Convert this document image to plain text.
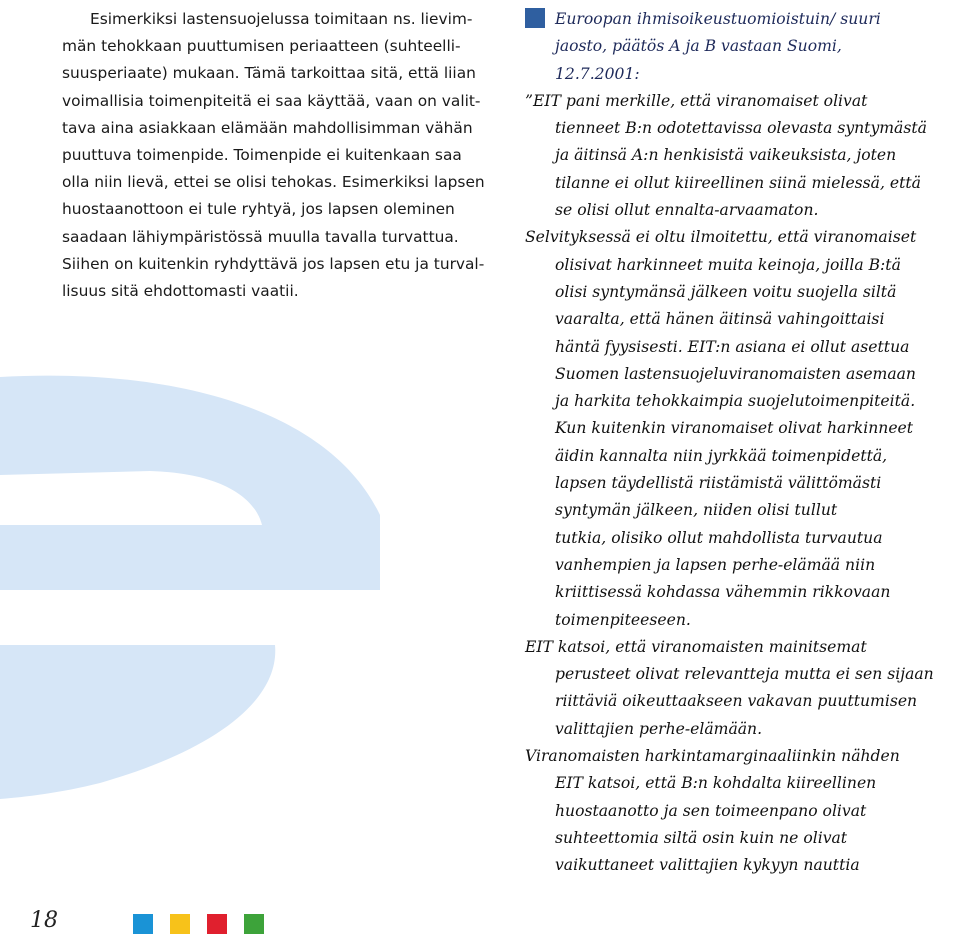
Esimerkiksi lastensuojelussa toimitaan ns. lievim-
män tehokkaan puuttumisen periaatteen (suhteelli-
suusperiaate) mukaan. Tämä tarkoittaa sitä, että liian
voimallisia toimenpiteitä ei saa käyttää, vaan on valit-
tava aina asiakkaan elämään mahdollisimman vähän
puuttuva toimenpide. Toimenpide ei kuitenkaan saa
olla niin lievä, ettei se olisi tehokas. Esimerkiksi lapsen
huostaanottoon ei tule ryhtyä, jos lapsen oleminen
saadaan lähiympäristössä muulla tavalla turvattua.
Siihen on kuitenkin ryhdyttävä jos lapsen etu ja turval-
lisuus sitä ehdottomasti vaatii.

Euroopan ihmisoikeustuomioistuin/ suuri
jaosto, päätös A ja B vastaan Suomi,
12.7.2001:
”EIT pani merkille, että viranomaiset olivat
tienneet B:n odotettavissa olevasta syntymästä
ja äitinsä A:n henkisistä vaikeuksista, joten
tilanne ei ollut kiireellinen siinä mielessä, että
se olisi ollut ennalta-arvaamaton.
Selvityksessä ei oltu ilmoitettu, että viranomaiset
olisivat harkinneet muita keinoja, joilla B:tä
olisi syntymänsä jälkeen voitu suojella siltä
vaaralta, että hänen äitinsä vahingoittaisi
häntä fyysisesti. EIT:n asiana ei ollut asettua
Suomen lastensuojeluviranomaisten asemaan
ja harkita tehokkaimpia suojelutoimenpiteitä.
Kun kuitenkin viranomaiset olivat harkinneet
äidin kannalta niin jyrkkää toimenpidettä,
lapsen täydellistä riistämistä välittömästi
syntymän jälkeen, niiden olisi tullut
tutkia, olisiko ollut mahdollista turvautua
vanhempien ja lapsen perhe-elämää niin
kriittisessä kohdassa vähemmin rikkovaan
toimenpiteeseen.
EIT katsoi, että viranomaisten mainitsemat
perusteet olivat relevantteja mutta ei sen sijaan
riittäviä oikeuttaakseen vakavan puuttumisen
valittajien perhe-elämään.
Viranomaisten harkintamarginaaliinkin nähden
EIT katsoi, että B:n kohdalta kiireellinen
huostaanotto ja sen toimeenpano olivat
suhteettomia siltä osin kuin ne olivat
vaikuttaneet valittajien kykyyn nauttia
18
